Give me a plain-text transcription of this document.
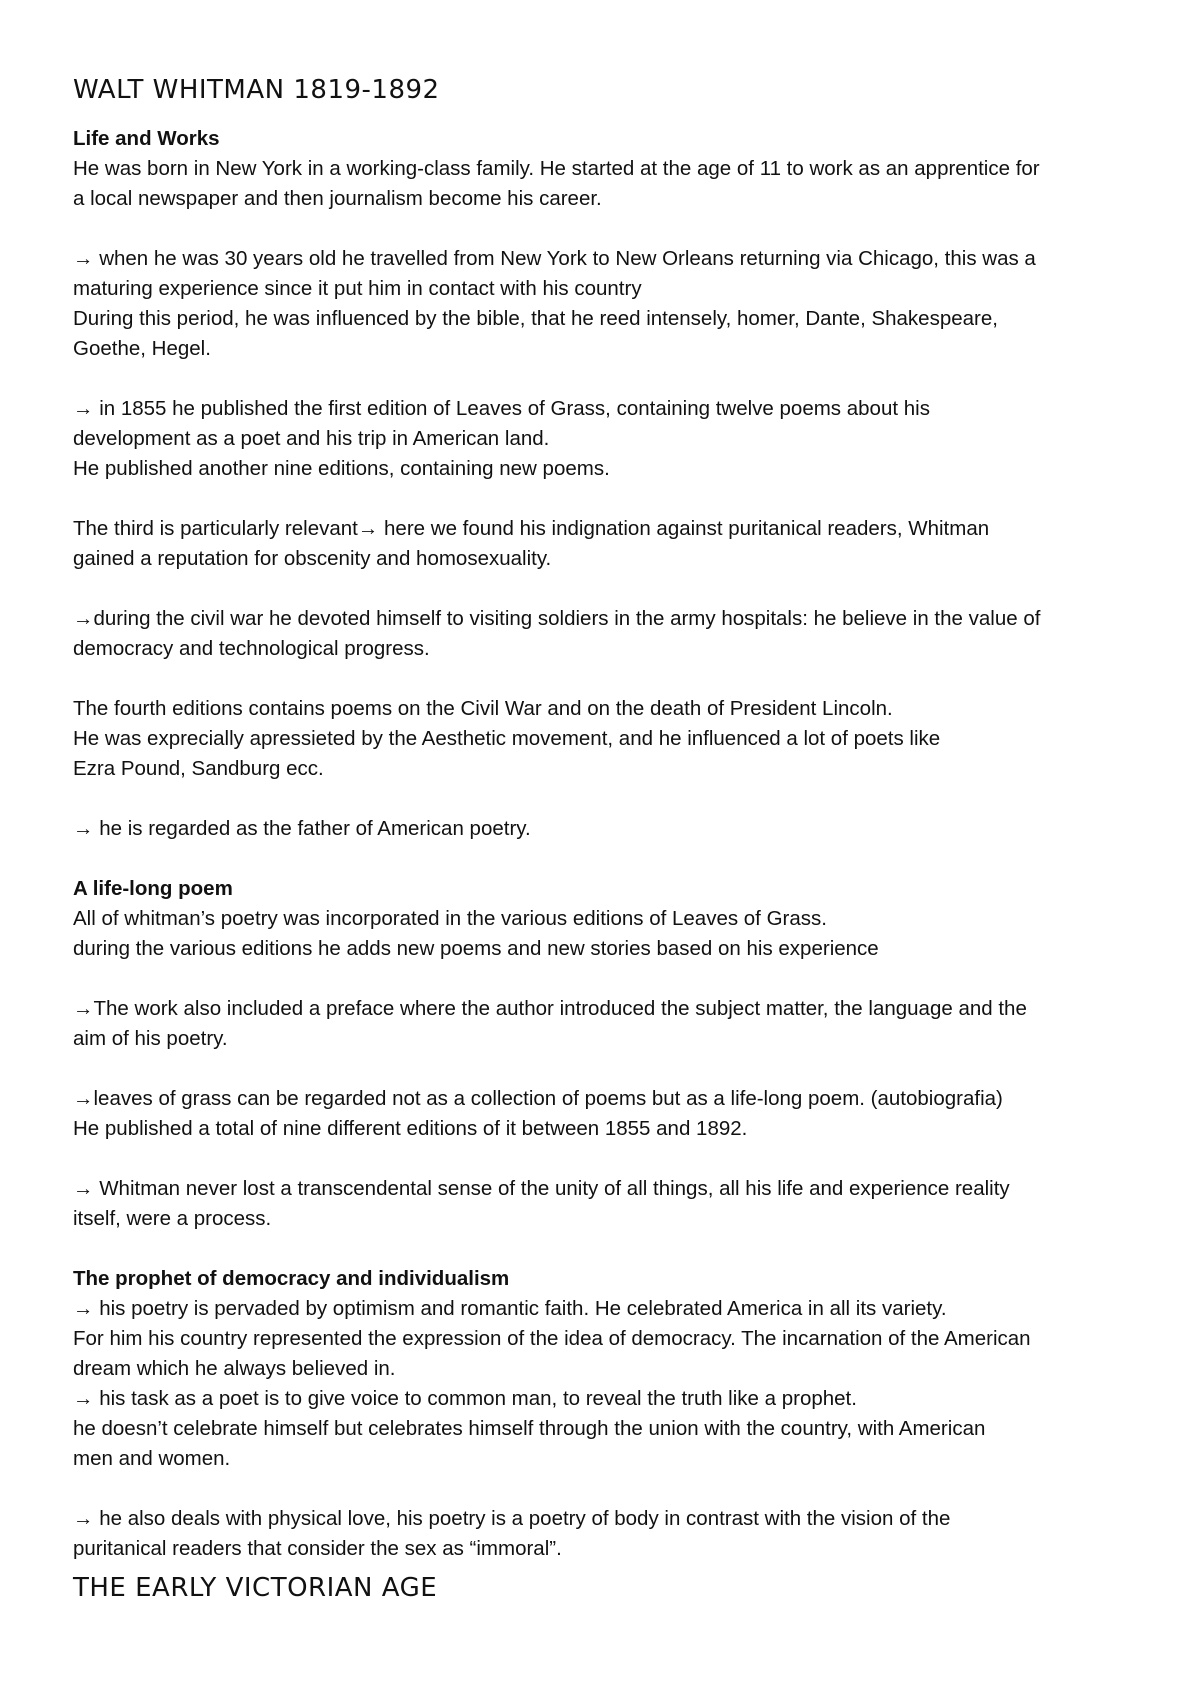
WALT WHITMAN 1819-1892
Life and Works

He was born in New York in a working-class family. He started at the age of 11 to work as an apprentice for
a local newspaper and then journalism become his career.

→ when he was 30 years old he travelled from New York to New Orleans returning via Chicago, this was a
maturing experience since it put him in contact with his country
During this period, he was influenced by the bible, that he reed intensely, homer, Dante, Shakespeare,
Goethe, Hegel.

→ in 1855 he published the first edition of Leaves of Grass, containing twelve poems about his
development as a poet and his trip in American land.
He published another nine editions, containing new poems.

The third is particularly relevant→ here we found his indignation against puritanical readers, Whitman
gained a reputation for obscenity and homosexuality.

→during the civil war he devoted himself to visiting soldiers in the army hospitals: he believe in the value of
democracy and technological progress.

The fourth editions contains poems on the Civil War and on the death of President Lincoln.
He was exprecially apressieted by the Aesthetic movement, and he influenced a lot of poets like
Ezra Pound, Sandburg ecc.

→ he is regarded as the father of American poetry.

A life-long poem

All of whitman’s poetry was incorporated in the various editions of Leaves of Grass.
during the various editions he adds new poems and new stories based on his experience

→The work also included a preface where the author introduced the subject matter, the language and the
aim of his poetry.

→leaves of grass can be regarded not as a collection of poems but as a life-long poem. (autobiografia)
He published a total of nine different editions of it between 1855 and 1892.

→ Whitman never lost a transcendental sense of the unity of all things, all his life and experience reality
itself, were a process.

The prophet of democracy and individualism

→ his poetry is pervaded by optimism and romantic faith. He celebrated America in all its variety.
For him his country represented the expression of the idea of democracy. The incarnation of the American
dream which he always believed in.
→ his task as a poet is to give voice to common man, to reveal the truth like a prophet.
he doesn’t celebrate himself but celebrates himself through the union with the country, with American
men and women.

→ he also deals with physical love, his poetry is a poetry of body in contrast with the vision of the
puritanical readers that consider the sex as “immoral”.

THE EARLY VICTORIAN AGE
